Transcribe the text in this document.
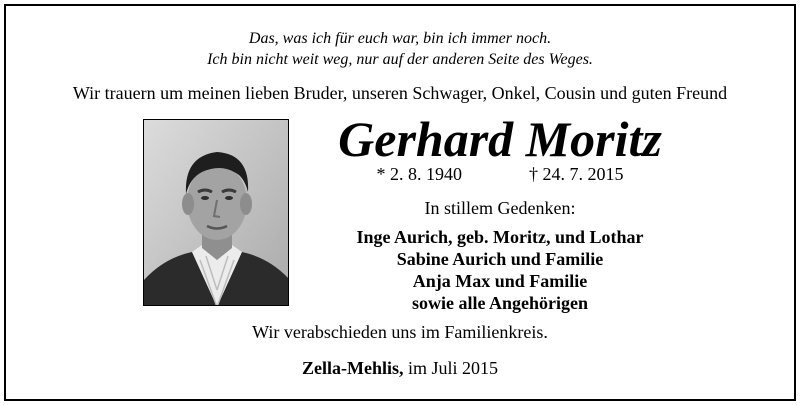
Das, was ich für euch war, bin ich immer noch.
Ich bin nicht weit weg, nur auf der anderen Seite des Weges.
Wir trauern um meinen lieben Bruder, unseren Schwager, Onkel, Cousin und guten Freund
Gerhard Moritz
* 2. 8. 1940	† 24. 7. 2015
In stillem Gedenken:
Inge Aurich, geb. Moritz, und Lothar
Sabine Aurich und Familie
Anja Max und Familie
sowie alle Angehörigen
Wir verabschieden uns im Familienkreis.
Zella-Mehlis, im Juli 2015
